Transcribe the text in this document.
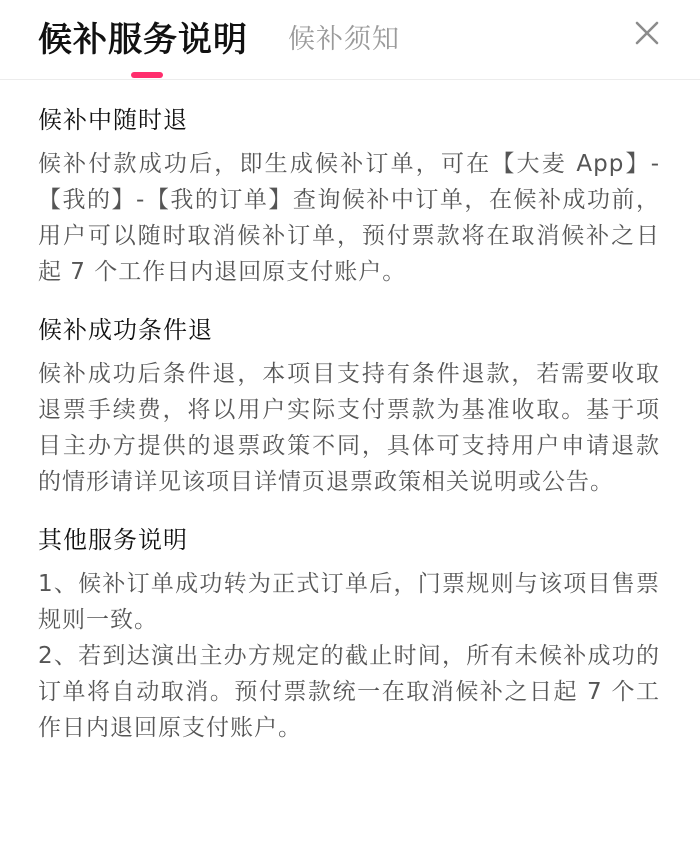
候补服务说明 候补须知
候补中随时退

候补付款成功后，即生成候补订单，可在【大麦 App】-【我的】-【我的订单】查询候补中订单，在候补成功前，用户可以随时取消候补订单，预付票款将在取消候补之日起 7 个工作日内退回原支付账户。

候补成功条件退

候补成功后条件退，本项目支持有条件退款，若需要收取退票手续费，将以用户实际支付票款为基准收取。基于项目主办方提供的退票政策不同，具体可支持用户申请退款的情形请详见该项目详情页退票政策相关说明或公告。

其他服务说明

1、候补订单成功转为正式订单后，门票规则与该项目售票规则一致。

2、若到达演出主办方规定的截止时间，所有未候补成功的订单将自动取消。预付票款统一在取消候补之日起 7 个工作日内退回原支付账户。
